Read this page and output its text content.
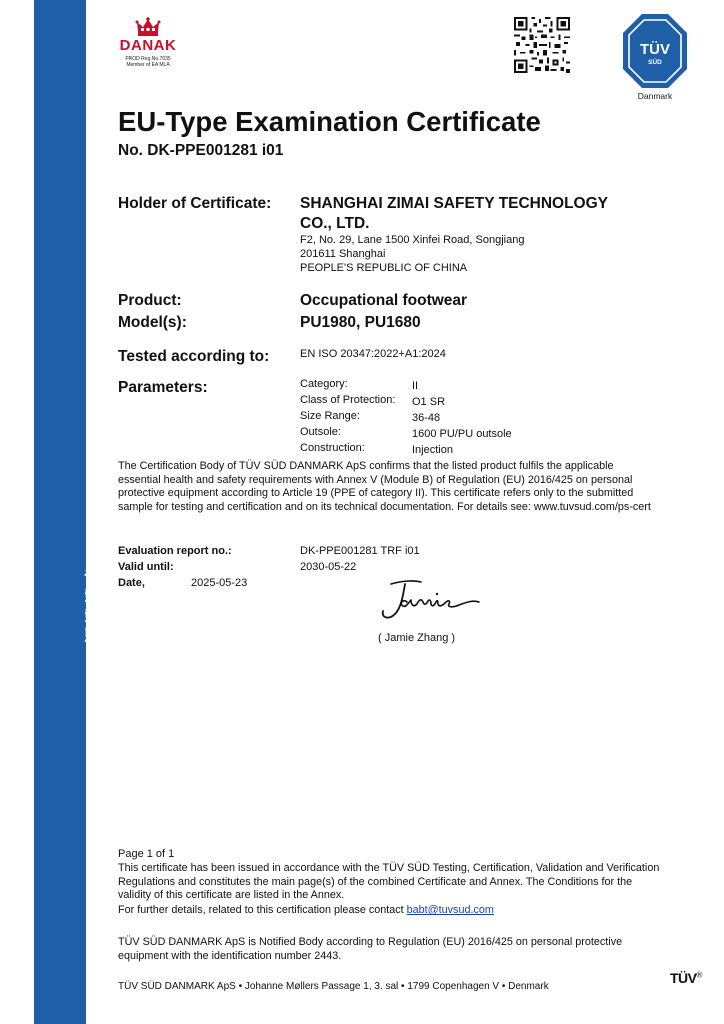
ZERTIFIKAT ◆ CERTIFICATE ◆ 認證證書 ◆ СЕРТИФИКАТ ◆ CERTIFICADO ◆ CERTIFICAT
DANAK
PROD Reg.No.7035
Member of EA MLA
TÜV
SÜD
Danmark
EU-Type Examination Certificate
No. DK-PPE001281 i01
Holder of Certificate: SHANGHAI ZIMAI SAFETY TECHNOLOGY
CO., LTD.
F2, No. 29, Lane 1500 Xinfei Road, Songjiang
201611 Shanghai
PEOPLE'S REPUBLIC OF CHINA
Product:	Occupational footwear
Model(s):	PU1980, PU1680
Tested according to:	EN ISO 20347:2022+A1:2024
Parameters:	Category:	II
Class of Protection: O1 SR
Size Range:	36-48
Outsole:	1600 PU/PU outsole
Construction:	Injection
The Certification Body of TÜV SÜD DANMARK ApS confirms that the listed product fulfils the applicable essential health and safety requirements with Annex V (Module B) of Regulation (EU) 2016/425 on personal protective equipment according to Article 19 (PPE of category II). This certificate refers only to the submitted sample for testing and certification and on its technical documentation. For details see: www.tuvsud.com/ps-cert
Evaluation report no.:	DK-PPE001281 TRF i01
Valid until:	2030-05-22
Date,	2025-05-23
( Jamie Zhang )
Page 1 of 1
This certificate has been issued in accordance with the TÜV SÜD Testing, Certification, Validation and Verification Regulations and constitutes the main page(s) of the combined Certificate and Annex. The Conditions for the validity of this certificate are listed in the Annex.
For further details, related to this certification please contact babt@tuvsud.com
TÜV SÜD DANMARK ApS is Notified Body according to Regulation (EU) 2016/425 on personal protective equipment with the identification number 2443.
TÜV SÜD DANMARK ApS • Johanne Møllers Passage 1, 3. sal • 1799 Copenhagen V • Denmark
TÜV®
